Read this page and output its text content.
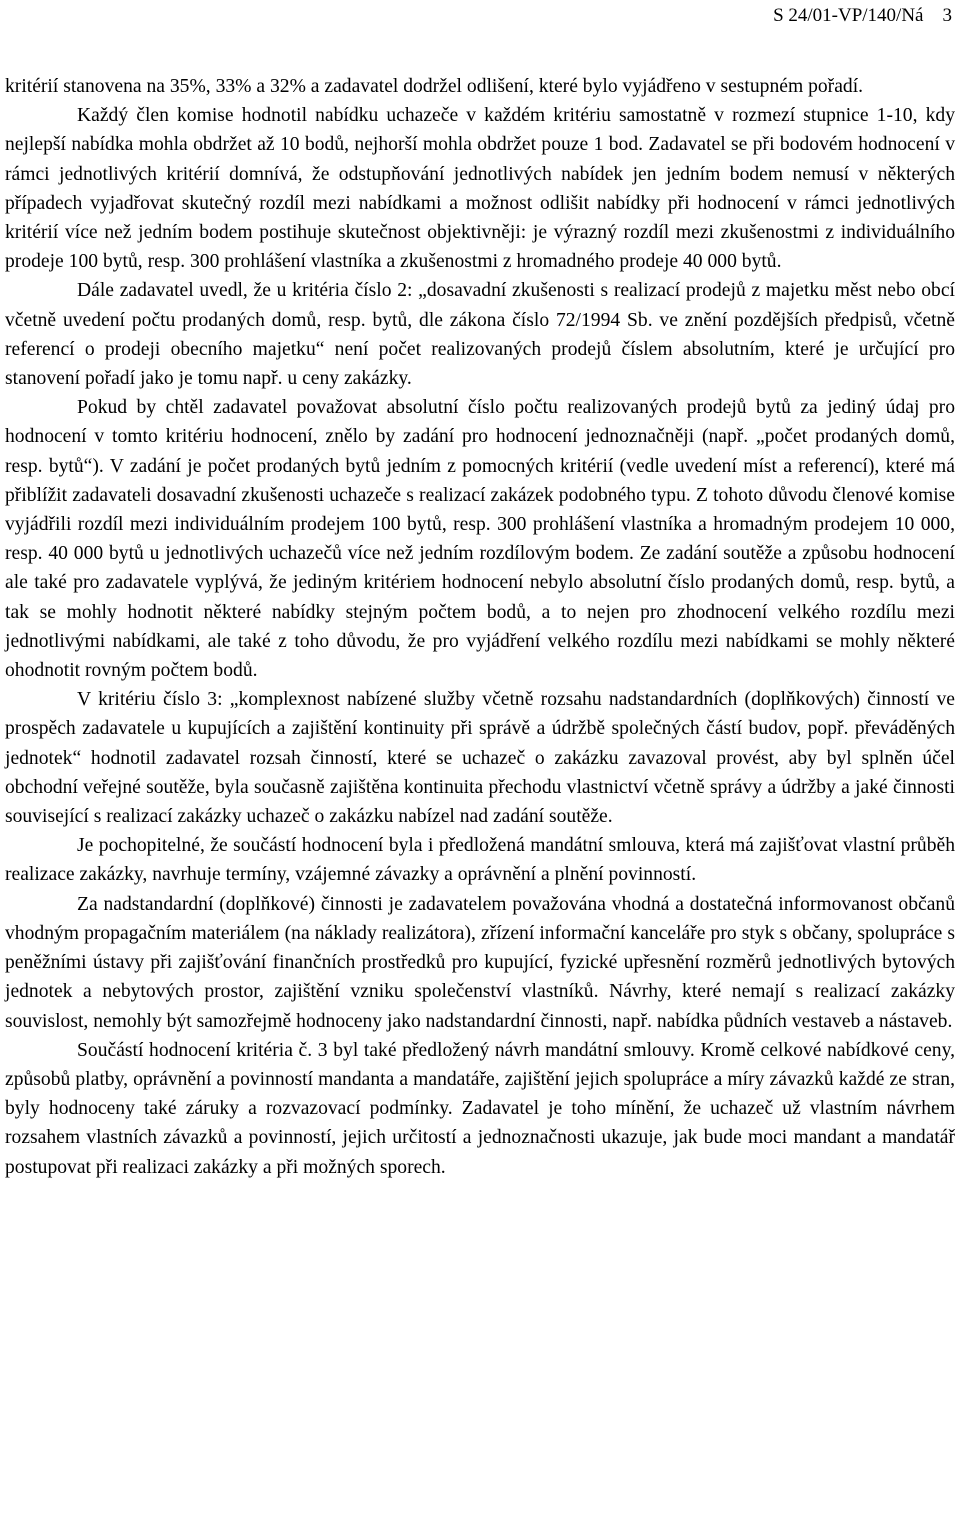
S 24/01-VP/140/Ná 3

kritérií stanovena na 35%, 33% a 32% a zadavatel dodržel odlišení, které bylo vyjádřeno v sestupném pořadí.

Každý člen komise hodnotil nabídku uchazeče v každém kritériu samostatně v rozmezí stupnice 1-10, kdy nejlepší nabídka mohla obdržet až 10 bodů, nejhorší mohla obdržet pouze 1 bod. Zadavatel se při bodovém hodnocení v rámci jednotlivých kritérií domnívá, že odstupňování jednotlivých nabídek jen jedním bodem nemusí v některých případech vyjadřovat skutečný rozdíl mezi nabídkami a možnost odlišit nabídky při hodnocení v rámci jednotlivých kritérií více než jedním bodem postihuje skutečnost objektivněji: je výrazný rozdíl mezi zkušenostmi z individuálního prodeje 100 bytů, resp. 300 prohlášení vlastníka a zkušenostmi z hromadného prodeje 40 000 bytů.

Dále zadavatel uvedl, že u kritéria číslo 2: „dosavadní zkušenosti s realizací prodejů z majetku měst nebo obcí včetně uvedení počtu prodaných domů, resp. bytů, dle zákona číslo 72/1994 Sb. ve znění pozdějších předpisů, včetně referencí o prodeji obecního majetku“ není počet realizovaných prodejů číslem absolutním, které je určující pro stanovení pořadí jako je tomu např. u ceny zakázky.

Pokud by chtěl zadavatel považovat absolutní číslo počtu realizovaných prodejů bytů za jediný údaj pro hodnocení v tomto kritériu hodnocení, znělo by zadání pro hodnocení jednoznačněji (např. „počet prodaných domů, resp. bytů“). V zadání je počet prodaných bytů jedním z pomocných kritérií (vedle uvedení míst a referencí), které má přiblížit zadavateli dosavadní zkušenosti uchazeče s realizací zakázek podobného typu. Z tohoto důvodu členové komise vyjádřili rozdíl mezi individuálním prodejem 100 bytů, resp. 300 prohlášení vlastníka a hromadným prodejem 10 000, resp. 40 000 bytů u jednotlivých uchazečů více než jedním rozdílovým bodem. Ze zadání soutěže a způsobu hodnocení ale také pro zadavatele vyplývá, že jediným kritériem hodnocení nebylo absolutní číslo prodaných domů, resp. bytů, a tak se mohly hodnotit některé nabídky stejným počtem bodů, a to nejen pro zhodnocení velkého rozdílu mezi jednotlivými nabídkami, ale také z toho důvodu, že pro vyjádření velkého rozdílu mezi nabídkami se mohly některé ohodnotit rovným počtem bodů.

V kritériu číslo 3: „komplexnost nabízené služby včetně rozsahu nadstandardních (doplňkových) činností ve prospěch zadavatele u kupujících a zajištění kontinuity při správě a údržbě společných částí budov, popř. převáděných jednotek“ hodnotil zadavatel rozsah činností, které se uchazeč o zakázku zavazoval provést, aby byl splněn účel obchodní veřejné soutěže, byla současně zajištěna kontinuita přechodu vlastnictví včetně správy a údržby a jaké činnosti související s realizací zakázky uchazeč o zakázku nabízel nad zadání soutěže.

Je pochopitelné, že součástí hodnocení byla i předložená mandátní smlouva, která má zajišťovat vlastní průběh realizace zakázky, navrhuje termíny, vzájemné závazky a oprávnění a plnění povinností.

Za nadstandardní (doplňkové) činnosti je zadavatelem považována vhodná a dostatečná informovanost občanů vhodným propagačním materiálem (na náklady realizátora), zřízení informační kanceláře pro styk s občany, spolupráce s peněžními ústavy při zajišťování finančních prostředků pro kupující, fyzické upřesnění rozměrů jednotlivých bytových jednotek a nebytových prostor, zajištění vzniku společenství vlastníků. Návrhy, které nemají s realizací zakázky souvislost, nemohly být samozřejmě hodnoceny jako nadstandardní činnosti, např. nabídka půdních vestaveb a nástaveb.

Součástí hodnocení kritéria č. 3 byl také předložený návrh mandátní smlouvy. Kromě celkové nabídkové ceny, způsobů platby, oprávnění a povinností mandanta a mandatáře, zajištění jejich spolupráce a míry závazků každé ze stran, byly hodnoceny také záruky a rozvazovací podmínky. Zadavatel je toho mínění, že uchazeč už vlastním návrhem rozsahem vlastních závazků a povinností, jejich určitostí a jednoznačnosti ukazuje, jak bude moci mandant a mandatář postupovat při realizaci zakázky a při možných sporech.
